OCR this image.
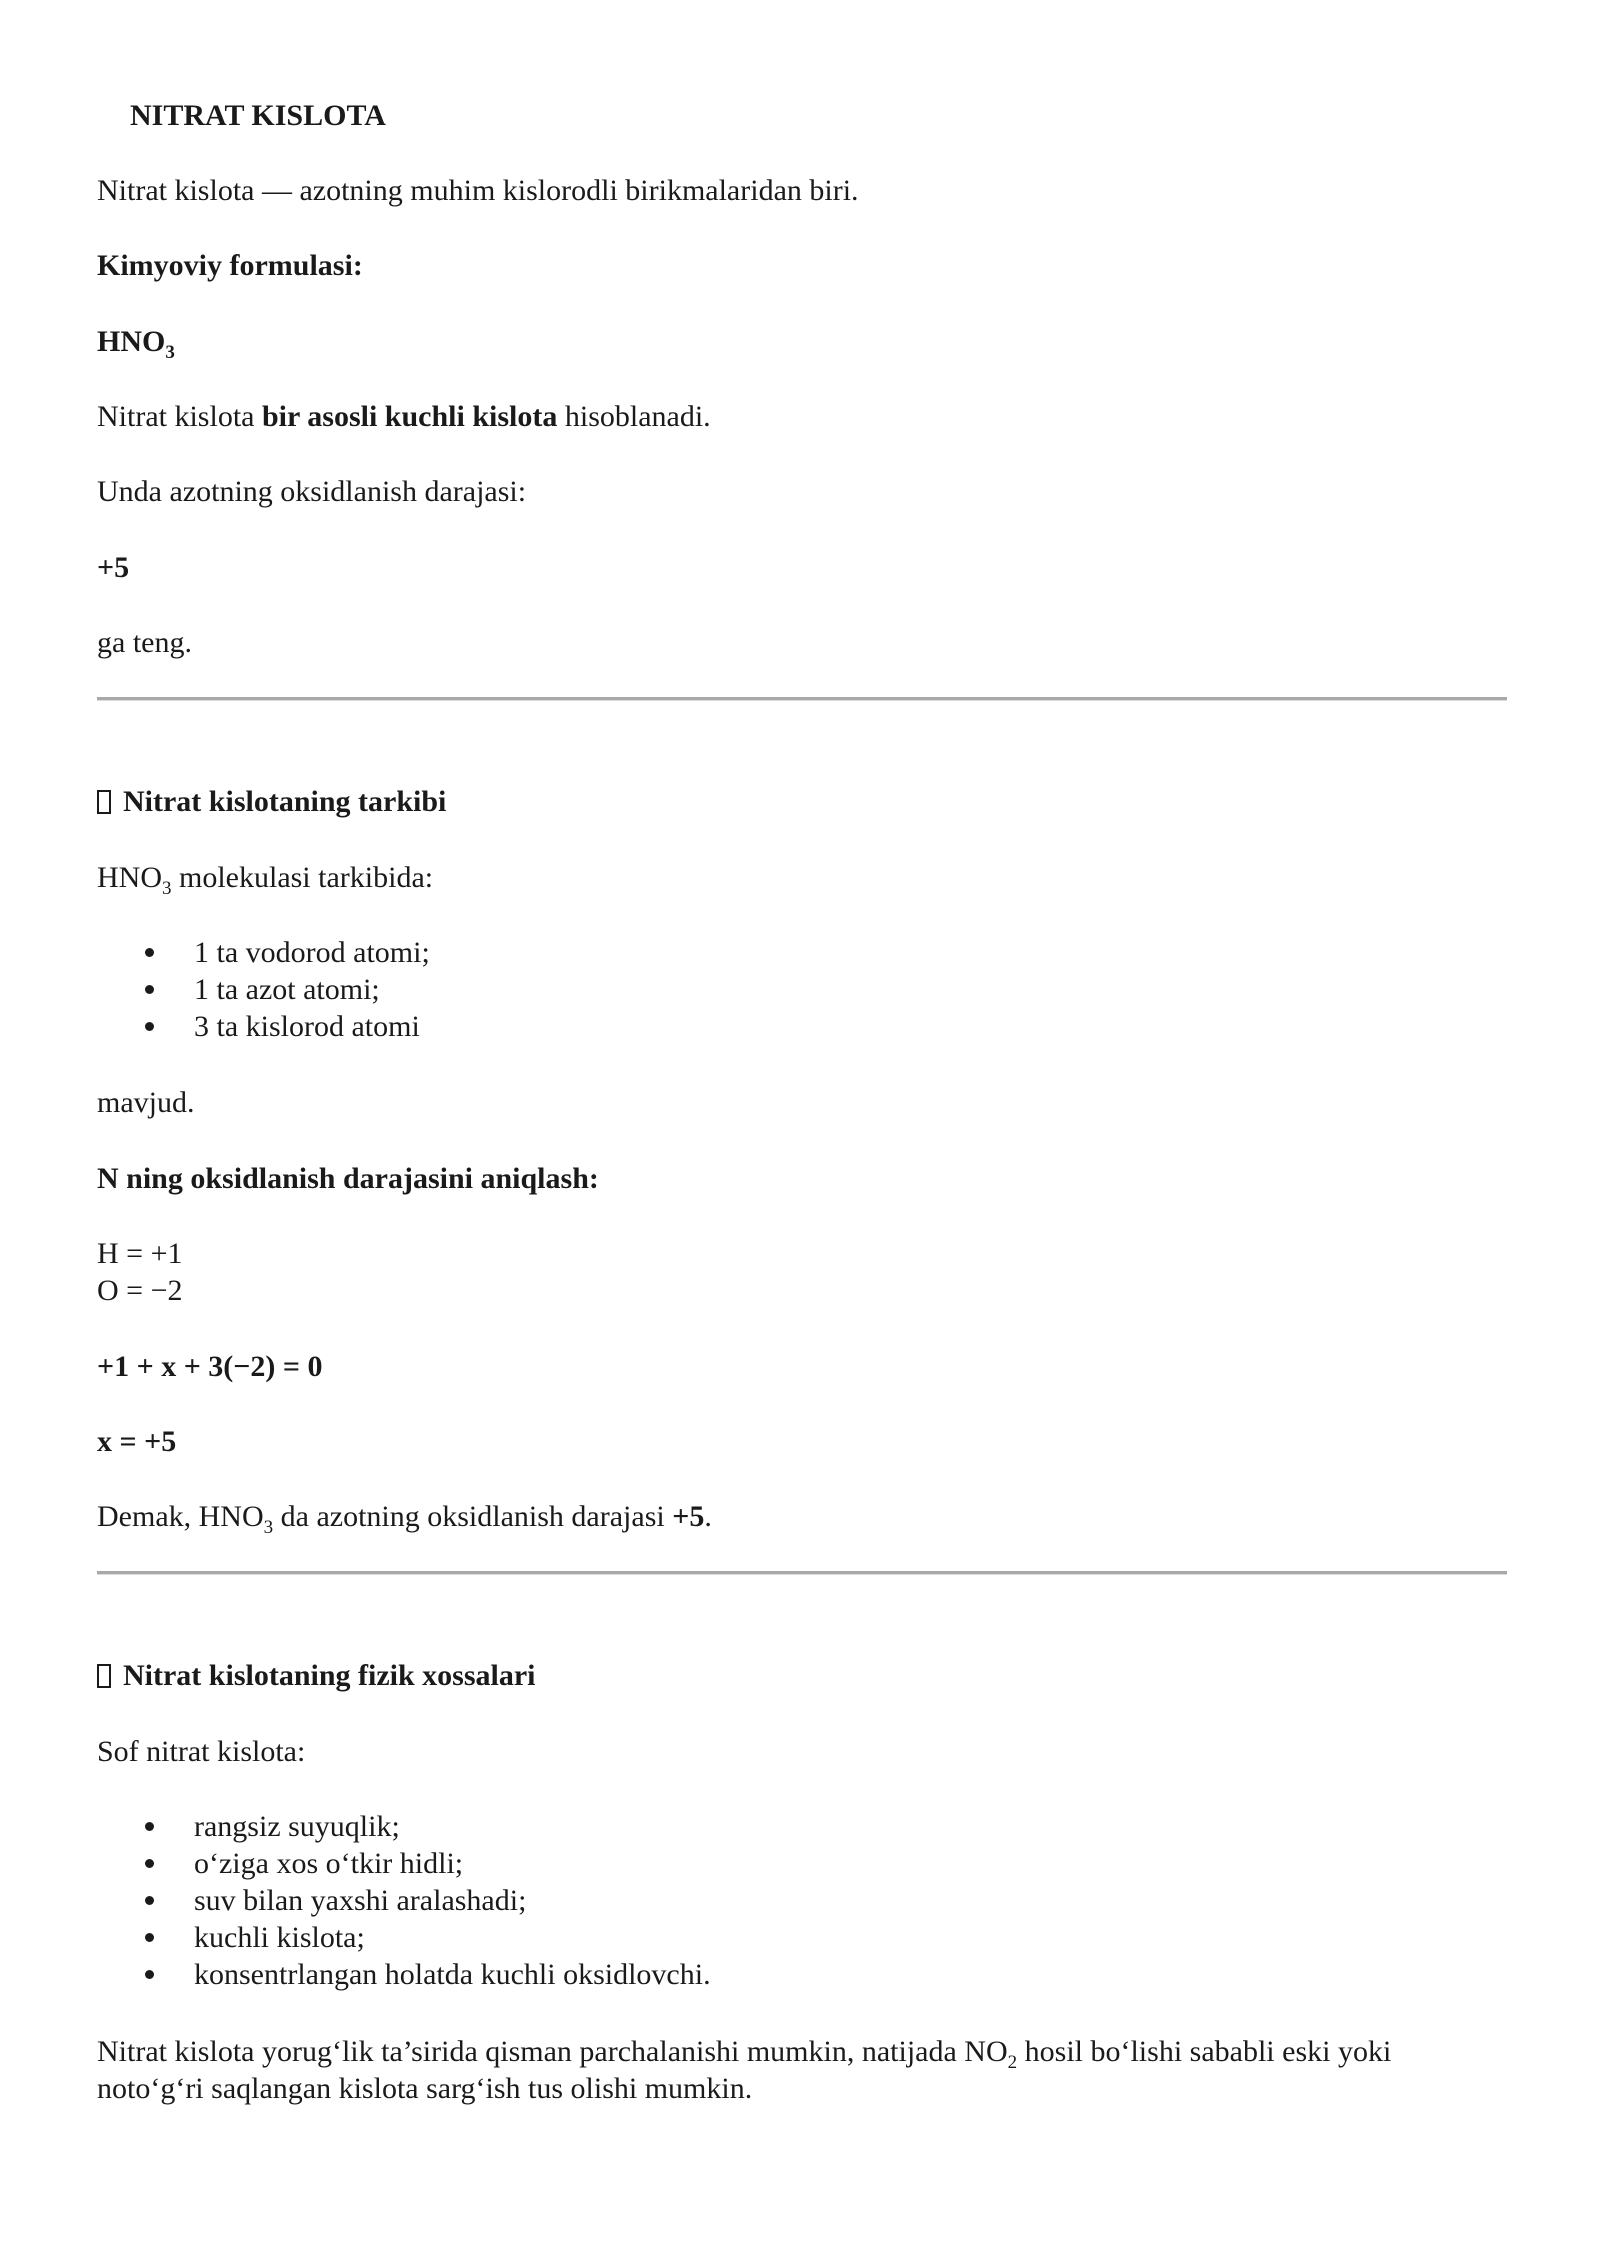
NITRAT KISLOTA
Nitrat kislota — azotning muhim kislorodli birikmalaridan biri.
Kimyoviy formulasi:
$HNO_3$
Nitrat kislota bir asosli kuchli kislota hisoblanadi.
Unda azotning oksidlanish darajasi:
+5
ga teng.
Nitrat kislotaning tarkibi
$HNO_3$ molekulasi tarkibida:
1 ta vodorod atomi;
1 ta azot atomi;
3 ta kislorod atomi
mavjud.
N ning oksidlanish darajasini aniqlash:
H = +1
O = −2
+1 + x + 3(−2) = 0
x = +5
Demak, $HNO_3$ da azotning oksidlanish darajasi +5.
Nitrat kislotaning fizik xossalari
Sof nitrat kislota:
rangsiz suyuqlik;
o‘ziga xos o‘tkir hidli;
suv bilan yaxshi aralashadi;
kuchli kislota;
konsentrlangan holatda kuchli oksidlovchi.
Nitrat kislota yorug‘lik ta’sirida qisman parchalanishi mumkin, natijada $NO_2$ hosil bo‘lishi sababli eski yoki
noto‘g‘ri saqlangan kislota sarg‘ish tus olishi mumkin.
